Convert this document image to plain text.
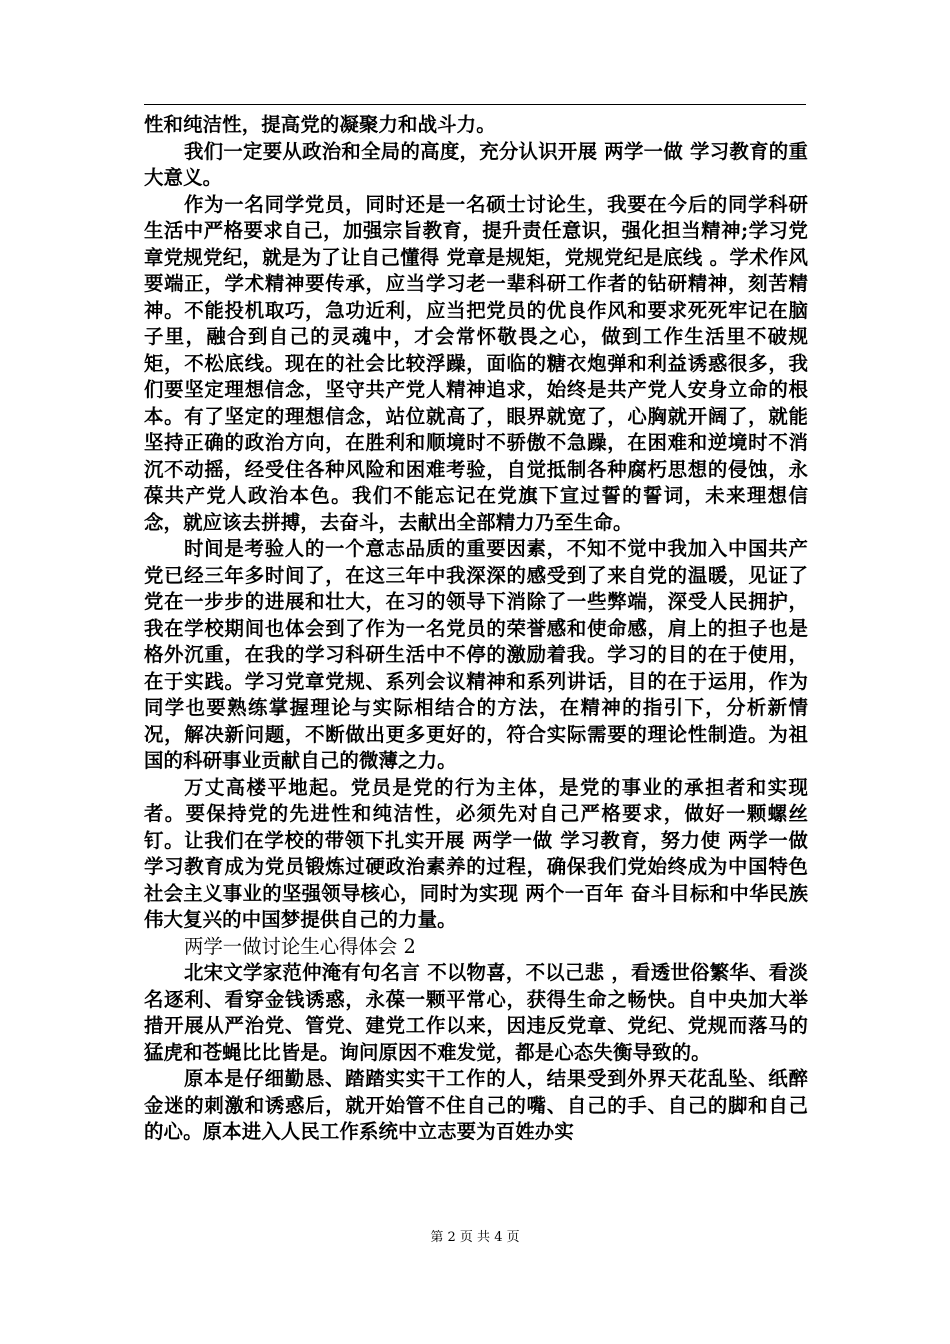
性和纯洁性，提高党的凝聚力和战斗力。

我们一定要从政治和全局的高度，充分认识开展 两学一做 学习教育的重大意义。

作为一名同学党员，同时还是一名硕士讨论生，我要在今后的同学科研生活中严格要求自己，加强宗旨教育，提升责任意识，强化担当精神;学习党章党规党纪，就是为了让自己懂得 党章是规矩，党规党纪是底线 。学术作风要端正，学术精神要传承，应当学习老一辈科研工作者的钻研精神，刻苦精神。不能投机取巧，急功近利，应当把党员的优良作风和要求死死牢记在脑子里，融合到自己的灵魂中，才会常怀敬畏之心，做到工作生活里不破规矩，不松底线。现在的社会比较浮躁，面临的糖衣炮弹和利益诱惑很多，我们要坚定理想信念，坚守共产党人精神追求，始终是共产党人安身立命的根本。有了坚定的理想信念，站位就高了，眼界就宽了，心胸就开阔了，就能坚持正确的政治方向，在胜利和顺境时不骄傲不急躁，在困难和逆境时不消沉不动摇，经受住各种风险和困难考验，自觉抵制各种腐朽思想的侵蚀，永葆共产党人政治本色。我们不能忘记在党旗下宣过誓的誓词，未来理想信念，就应该去拼搏，去奋斗，去献出全部精力乃至生命。

时间是考验人的一个意志品质的重要因素，不知不觉中我加入中国共产党已经三年多时间了，在这三年中我深深的感受到了来自党的温暖，见证了党在一步步的进展和壮大，在习的领导下消除了一些弊端，深受人民拥护，我在学校期间也体会到了作为一名党员的荣誉感和使命感，肩上的担子也是格外沉重，在我的学习科研生活中不停的激励着我。学习的目的在于使用，在于实践。学习党章党规、系列会议精神和系列讲话，目的在于运用，作为同学也要熟练掌握理论与实际相结合的方法，在精神的指引下，分析新情况，解决新问题，不断做出更多更好的，符合实际需要的理论性制造。为祖国的科研事业贡献自己的微薄之力。

万丈高楼平地起。党员是党的行为主体，是党的事业的承担者和实现者。要保持党的先进性和纯洁性，必须先对自己严格要求，做好一颗螺丝钉。让我们在学校的带领下扎实开展 两学一做 学习教育，努力使 两学一做 学习教育成为党员锻炼过硬政治素养的过程，确保我们党始终成为中国特色社会主义事业的坚强领导核心，同时为实现 两个一百年 奋斗目标和中华民族伟大复兴的中国梦提供自己的力量。

两学一做讨论生心得体会 2

北宋文学家范仲淹有句名言 不以物喜，不以己悲 ，看透世俗繁华、看淡名逐利、看穿金钱诱惑，永葆一颗平常心，获得生命之畅快。自中央加大举措开展从严治党、管党、建党工作以来，因违反党章、党纪、党规而落马的猛虎和苍蝇比比皆是。询问原因不难发觉，都是心态失衡导致的。

原本是仔细勤恳、踏踏实实干工作的人，结果受到外界天花乱坠、纸醉金迷的刺激和诱惑后，就开始管不住自己的嘴、自己的手、自己的脚和自己的心。原本进入人民工作系统中立志要为百姓办实

第 2 页 共 4 页
